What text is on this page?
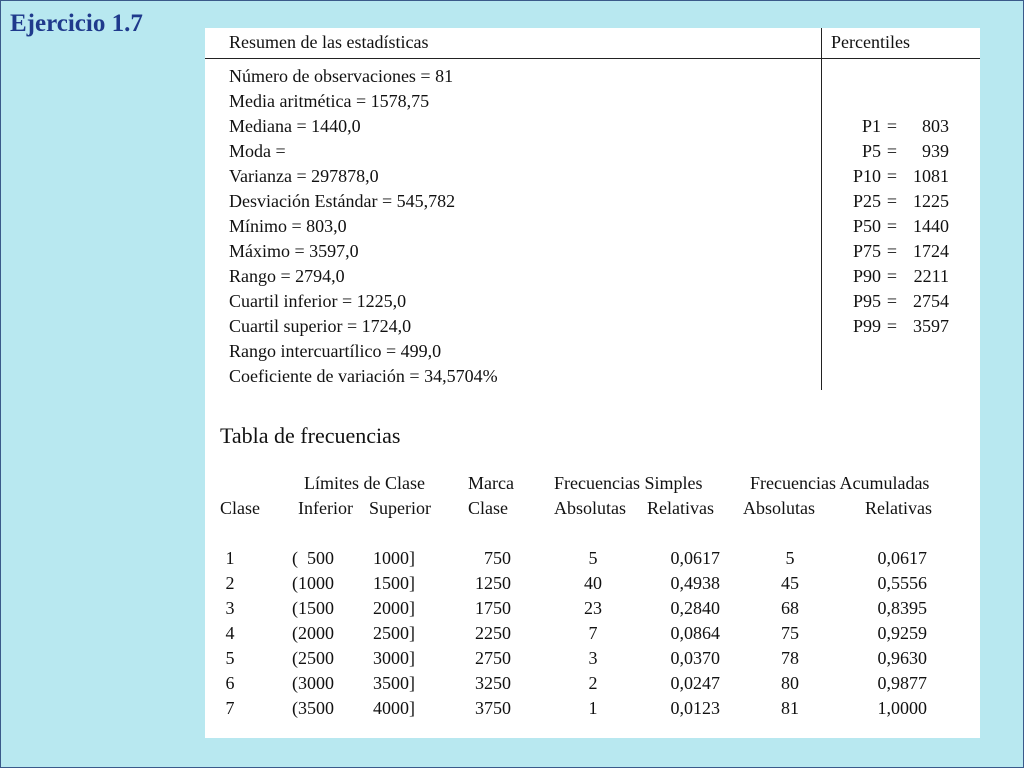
Ejercicio 1.7
Resumen de las estadísticas	Percentiles
Número de observaciones = 81
Media aritmética = 1578,75
Mediana = 1440,0
Moda =
Varianza = 297878,0
Desviación Estándar = 545,782
Mínimo = 803,0
Máximo = 3597,0
Rango = 2794,0
Cuartil inferior = 1225,0
Cuartil superior = 1724,0
Rango intercuartílico = 499,0
Coeficiente de variación = 34,5704%
P1 =	803
P5 =	939
P10 = 1081
P25 = 1225
P50 = 1440
P75 = 1724
P90 = 2211
P95 = 2754
P99 = 3597
Tabla de frecuencias
Límites de Clase Marca Frecuencias Simples	Frecuencias Acumuladas
Clase Inferior Superior Clase	Absolutas Relativas Absolutas	Relativas
1	(  500	1000]	750	5	0,0617	5	0,0617
2	(1000	1500]	1250	40	0,4938	45	0,5556
3	(1500	2000]	1750	23	0,2840	68	0,8395
4	(2000	2500]	2250	7	0,0864	75	0,9259
5	(2500	3000]	2750	3	0,0370	78	0,9630
6	(3000	3500]	3250	2	0,0247	80	0,9877
7	(3500	4000]	3750	1	0,0123	81	1,0000
